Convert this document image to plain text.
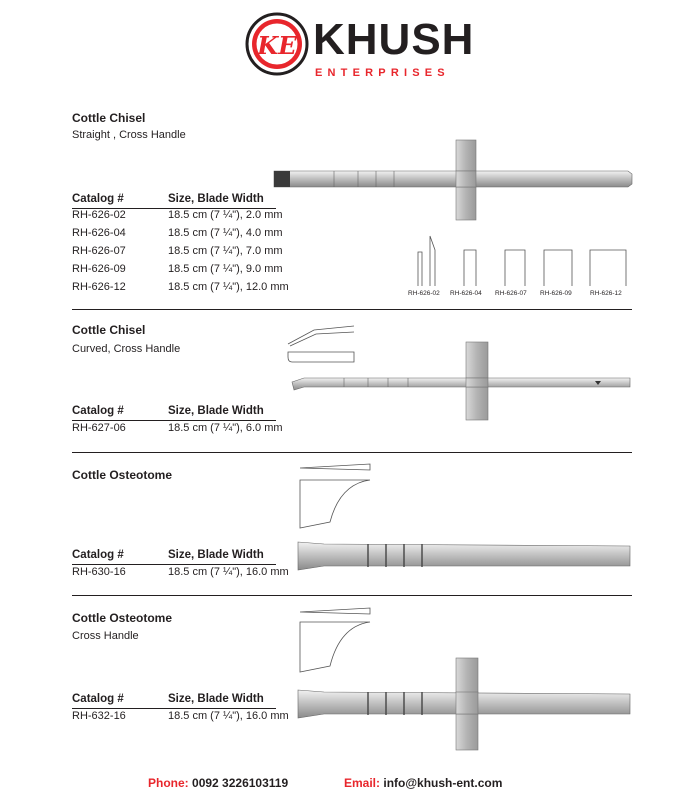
KE KHUSH
ENTERPRISES
Cottle Chisel
Straight , Cross Handle
Catalog #	Size, Blade Width
RH-626-02	18.5 cm (7 ¼"), 2.0 mm
RH-626-04	18.5 cm (7 ¼"), 4.0 mm
RH-626-07	18.5 cm (7 ¼"), 7.0 mm
RH-626-09	18.5 cm (7 ¼"), 9.0 mm
RH-626-12	18.5 cm (7 ¼"), 12.0 mm
RH-626-02 RH-626-04 RH-626-07 RH-626-09	RH-626-12
Cottle Chisel
Curved, Cross Handle
Catalog #	Size, Blade Width
RH-627-06	18.5 cm (7 ¼"), 6.0 mm
Cottle Osteotome
Catalog #	Size, Blade Width
RH-630-16	18.5 cm (7 ¼"), 16.0 mm
Cottle Osteotome
Cross Handle
Catalog #	Size, Blade Width
RH-632-16	18.5 cm (7 ¼"), 16.0 mm
Phone: 0092 3226103119	Email: info@khush-ent.com
